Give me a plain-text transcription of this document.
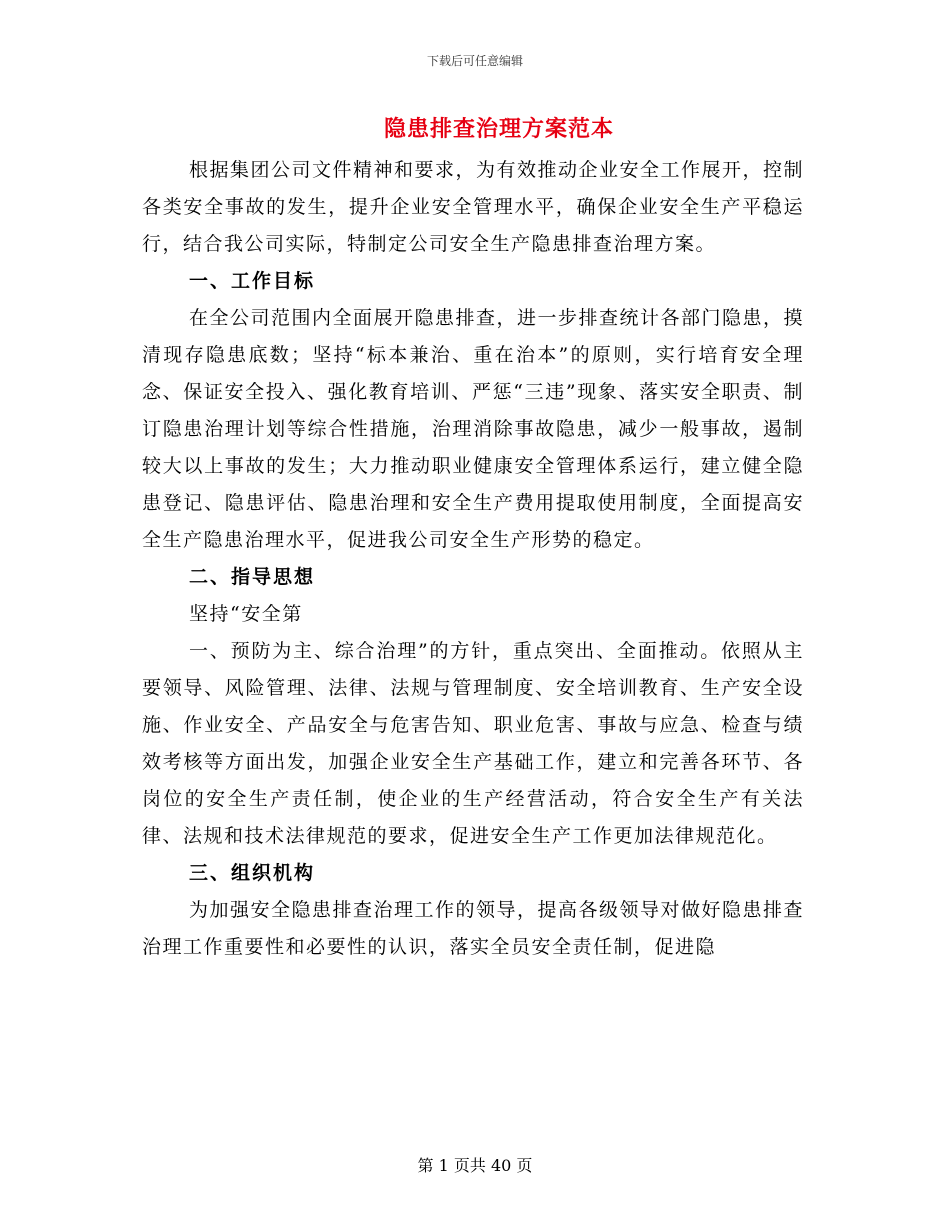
下载后可任意编辑
隐患排查治理方案范本

根据集团公司文件精神和要求，为有效推动企业安全工作展开，控制各类安全事故的发生，提升企业安全管理水平，确保企业安全生产平稳运行，结合我公司实际，特制定公司安全生产隐患排查治理方案。

一、工作目标

在全公司范围内全面展开隐患排查，进一步排查统计各部门隐患，摸清现存隐患底数；坚持“标本兼治、重在治本”的原则，实行培育安全理念、保证安全投入、强化教育培训、严惩“三违”现象、落实安全职责、制订隐患治理计划等综合性措施，治理消除事故隐患，减少一般事故，遏制较大以上事故的发生；大力推动职业健康安全管理体系运行，建立健全隐患登记、隐患评估、隐患治理和安全生产费用提取使用制度，全面提高安全生产隐患治理水平，促进我公司安全生产形势的稳定。

二、指导思想

坚持“安全第

一、预防为主、综合治理”的方针，重点突出、全面推动。依照从主要领导、风险管理、法律、法规与管理制度、安全培训教育、生产安全设施、作业安全、产品安全与危害告知、职业危害、事故与应急、检查与绩效考核等方面出发，加强企业安全生产基础工作，建立和完善各环节、各岗位的安全生产责任制，使企业的生产经营活动，符合安全生产有关法律、法规和技术法律规范的要求，促进安全生产工作更加法律规范化。

三、组织机构

为加强安全隐患排查治理工作的领导，提高各级领导对做好隐患排查治理工作重要性和必要性的认识，落实全员安全责任制，促进隐

第 1 页共 40 页
